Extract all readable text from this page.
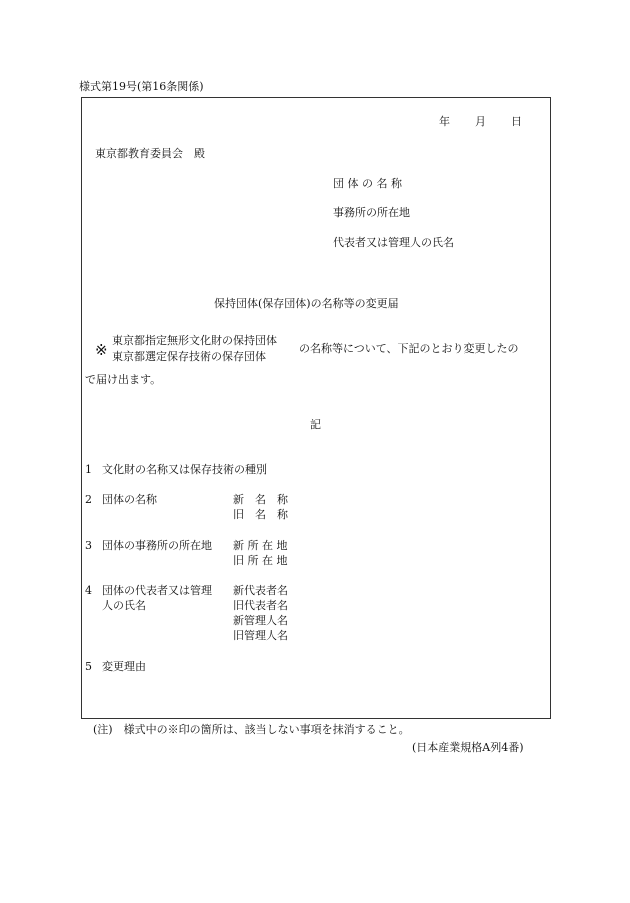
様式第19号(第16条関係)
年 月 日
東京都教育委員会　殿
団 体 の 名 称
事務所の所在地
代表者又は管理人の氏名
保持団体(保存団体)の名称等の変更届
※
東京都指定無形文化財の保持団体
東京都選定保存技術の保存団体
の名称等について、下記のとおり変更したの
で届け出ます。
記
1 文化財の名称又は保存技術の種別
2 団体の名称	新　名　称
旧　名　称
3 団体の事務所の所在地 新 所 在 地
旧 所 在 地
4 団体の代表者又は管理
人の氏名
新代表者名
旧代表者名
新管理人名
旧管理人名
5 変更理由
(注)　様式中の※印の箇所は、該当しない事項を抹消すること。
(日本産業規格A列4番)
